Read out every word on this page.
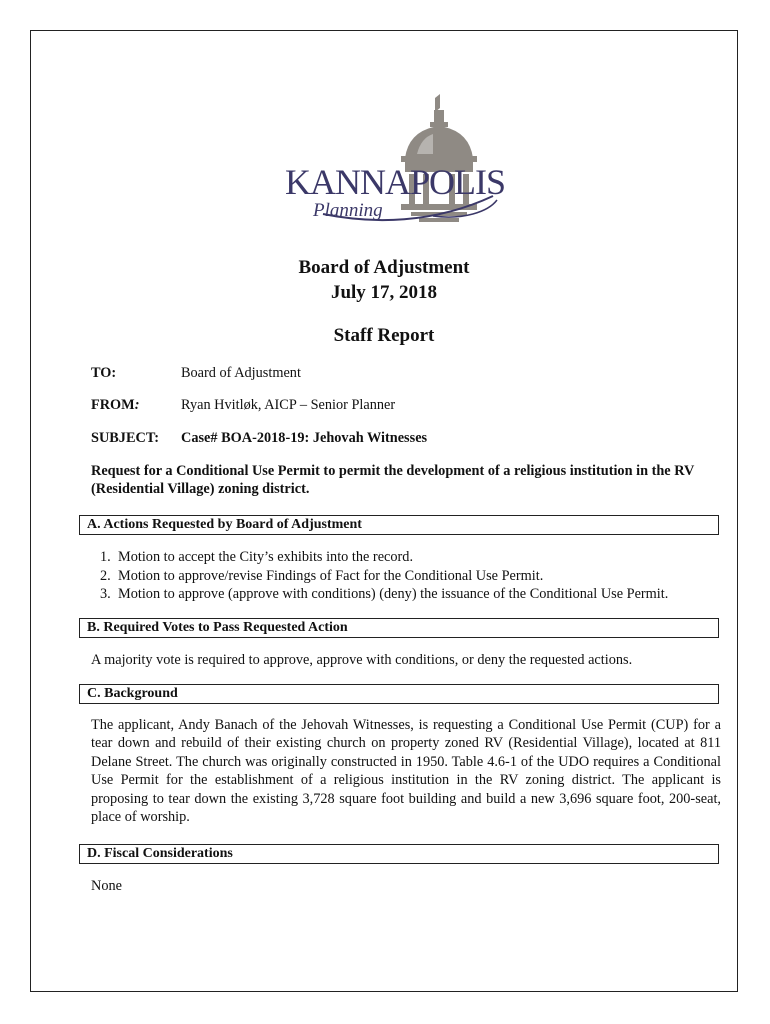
KANNAPOLIS
Planning
Board of Adjustment
July 17, 2018
Staff Report
TO:	Board of Adjustment
FROM:	Ryan Hvitløk, AICP – Senior Planner
SUBJECT: Case# BOA-2018-19: Jehovah Witnesses
Request for a Conditional Use Permit to permit the development of a religious institution in the RV (Residential Village) zoning district.
A. Actions Requested by Board of Adjustment
1. Motion to accept the City’s exhibits into the record.
2. Motion to approve/revise Findings of Fact for the Conditional Use Permit.
3. Motion to approve (approve with conditions) (deny) the issuance of the Conditional Use Permit.
B. Required Votes to Pass Requested Action
A majority vote is required to approve, approve with conditions, or deny the requested actions.
C. Background
The applicant, Andy Banach of the Jehovah Witnesses, is requesting a Conditional Use Permit (CUP) for a tear down and rebuild of their existing church on property zoned RV (Residential Village), located at 811 Delane Street. The church was originally constructed in 1950. Table 4.6-1 of the UDO requires a Conditional Use Permit for the establishment of a religious institution in the RV zoning district. The applicant is proposing to tear down the existing 3,728 square foot building and build a new 3,696 square foot, 200-seat, place of worship.
D. Fiscal Considerations
None
